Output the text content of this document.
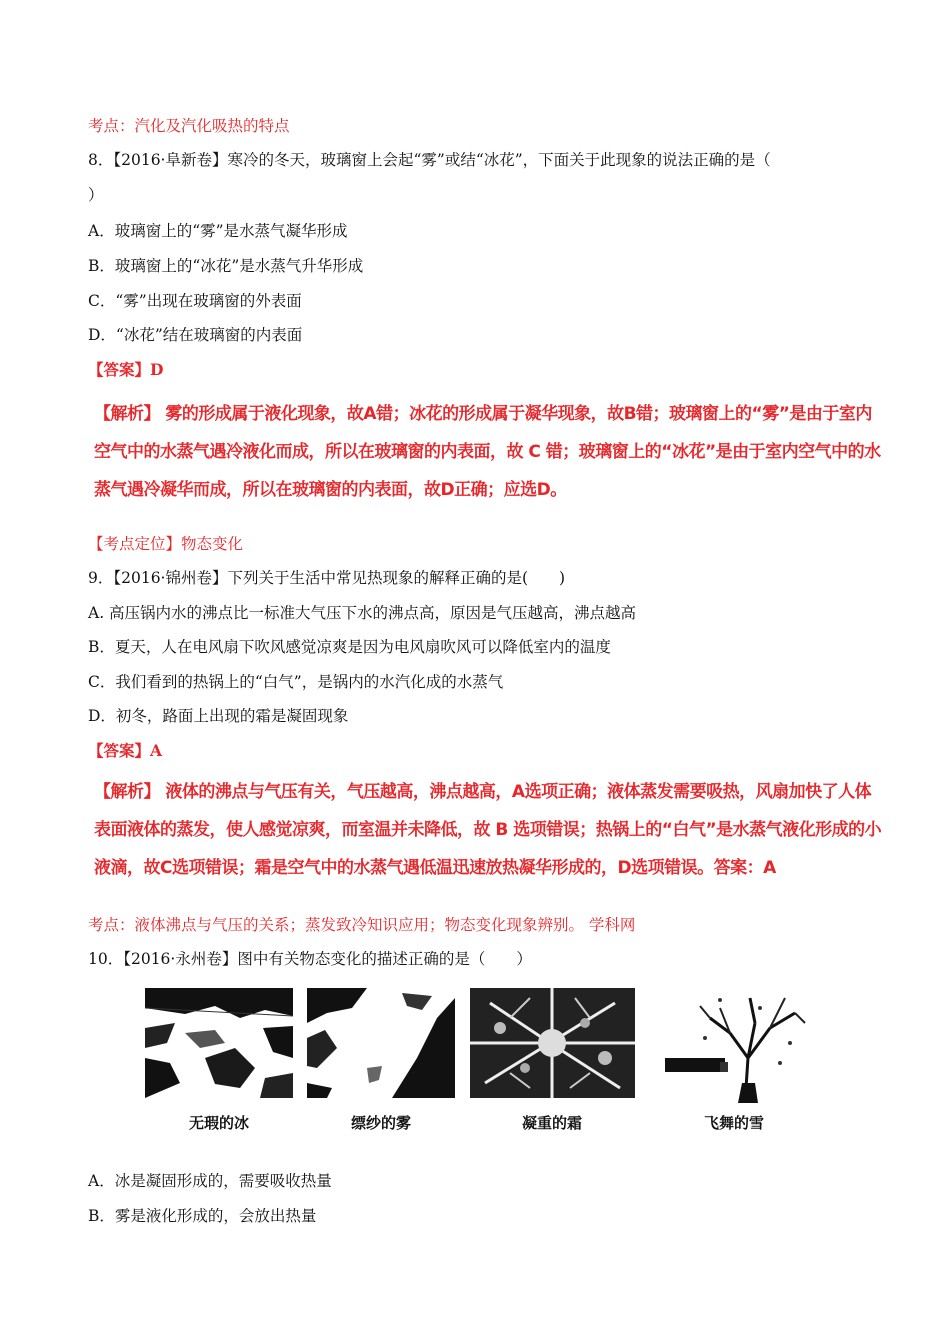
考点：汽化及汽化吸热的特点
8．【2016·阜新卷】寒冷的冬天，玻璃窗上会起“雾”或结“冰花”，下面关于此现象的说法正确的是（
）
A．玻璃窗上的“雾”是水蒸气凝华形成
B．玻璃窗上的“冰花”是水蒸气升华形成
C．“雾”出现在玻璃窗的外表面
D．“冰花”结在玻璃窗的内表面
【答案】D
【解析】 雾的形成属于液化现象，故A错；冰花的形成属于凝华现象，故B错；玻璃窗上的“雾”是由于室内空气中的水蒸气遇冷液化而成，所以在玻璃窗的内表面，故 C 错；玻璃窗上的“冰花”是由于室内空气中的水蒸气遇冷凝华而成，所以在玻璃窗的内表面，故D正确；应选D。
【考点定位】物态变化
9．【2016·锦州卷】下列关于生活中常见热现象的解释正确的是(　　)
A. 高压锅内水的沸点比一标准大气压下水的沸点高，原因是气压越高，沸点越高
B．夏天，人在电风扇下吹风感觉凉爽是因为电风扇吹风可以降低室内的温度
C．我们看到的热锅上的“白气”，是锅内的水汽化成的水蒸气
D．初冬，路面上出现的霜是凝固现象
【答案】A
【解析】 液体的沸点与气压有关，气压越高，沸点越高，A选项正确；液体蒸发需要吸热，风扇加快了人体表面液体的蒸发，使人感觉凉爽，而室温并未降低，故 B 选项错误；热锅上的“白气”是水蒸气液化形成的小液滴，故C选项错误；霜是空气中的水蒸气遇低温迅速放热凝华形成的，D选项错误。答案：A
考点：液体沸点与气压的关系；蒸发致冷知识应用；物态变化现象辨别。 学科网
10．【2016·永州卷】图中有关物态变化的描述正确的是（　　）
无瑕的冰	缥纱的雾	凝重的霜	飞舞的雪
A．冰是凝固形成的，需要吸收热量
B．雾是液化形成的，会放出热量
